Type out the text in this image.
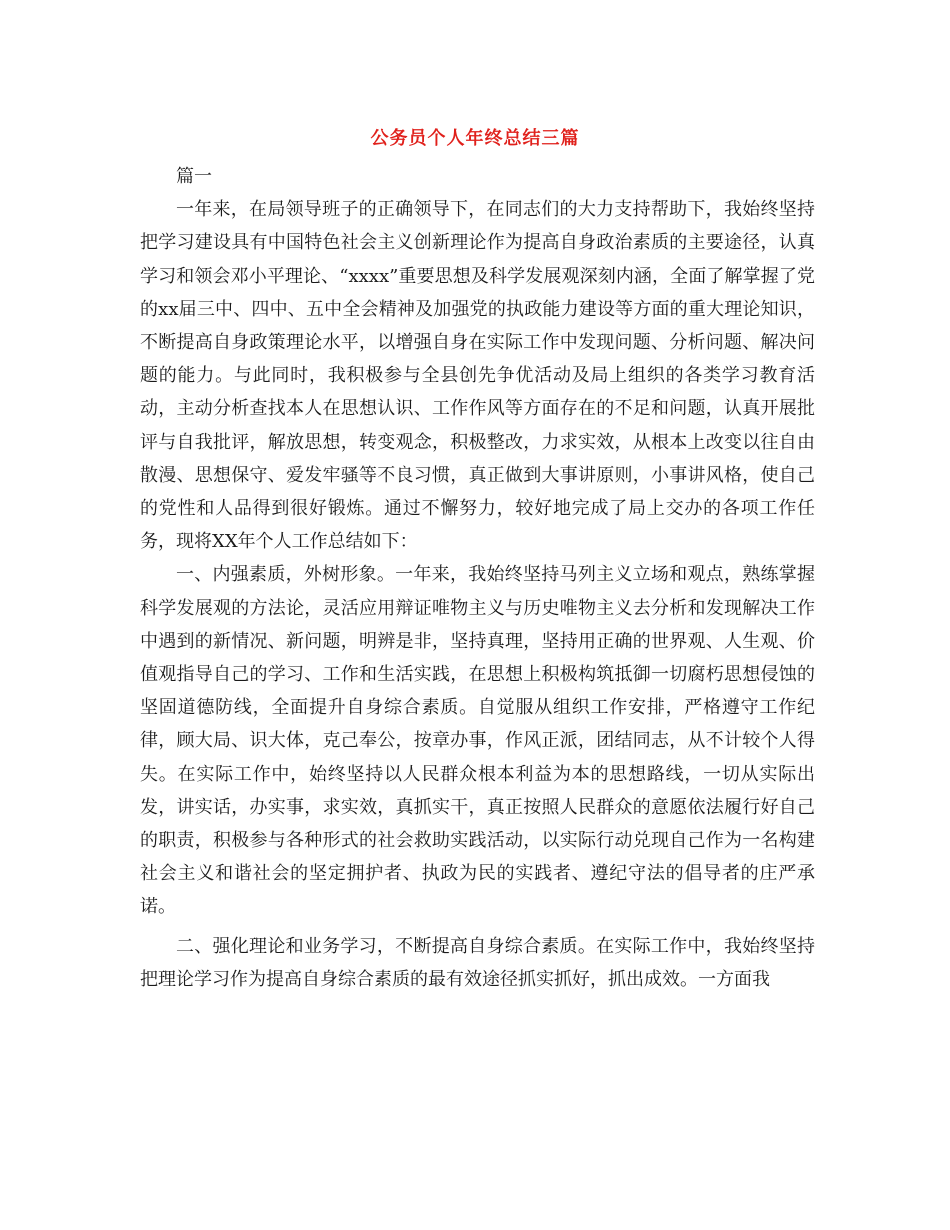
公务员个人年终总结三篇

篇一

一年来，在局领导班子的正确领导下，在同志们的大力支持帮助下，我始终坚持把学习建设具有中国特色社会主义创新理论作为提高自身政治素质的主要途径，认真学习和领会邓小平理论、“xxxx”重要思想及科学发展观深刻内涵，全面了解掌握了党的xx届三中、四中、五中全会精神及加强党的执政能力建设等方面的重大理论知识，不断提高自身政策理论水平，以增强自身在实际工作中发现问题、分析问题、解决问题的能力。与此同时，我积极参与全县创先争优活动及局上组织的各类学习教育活动，主动分析查找本人在思想认识、工作作风等方面存在的不足和问题，认真开展批评与自我批评，解放思想，转变观念，积极整改，力求实效，从根本上改变以往自由散漫、思想保守、爱发牢骚等不良习惯，真正做到大事讲原则，小事讲风格，使自己的党性和人品得到很好锻炼。通过不懈努力，较好地完成了局上交办的各项工作任务，现将XX年个人工作总结如下：

一、内强素质，外树形象。一年来，我始终坚持马列主义立场和观点，熟练掌握科学发展观的方法论，灵活应用辩证唯物主义与历史唯物主义去分析和发现解决工作中遇到的新情况、新问题，明辨是非，坚持真理，坚持用正确的世界观、人生观、价值观指导自己的学习、工作和生活实践，在思想上积极构筑抵御一切腐朽思想侵蚀的坚固道德防线，全面提升自身综合素质。自觉服从组织工作安排，严格遵守工作纪律，顾大局、识大体，克己奉公，按章办事，作风正派，团结同志，从不计较个人得失。在实际工作中，始终坚持以人民群众根本利益为本的思想路线，一切从实际出发，讲实话，办实事，求实效，真抓实干，真正按照人民群众的意愿依法履行好自己的职责，积极参与各种形式的社会救助实践活动，以实际行动兑现自己作为一名构建社会主义和谐社会的坚定拥护者、执政为民的实践者、遵纪守法的倡导者的庄严承诺。

二、强化理论和业务学习，不断提高自身综合素质。在实际工作中，我始终坚持把理论学习作为提高自身综合素质的最有效途径抓实抓好，抓出成效。一方面我
